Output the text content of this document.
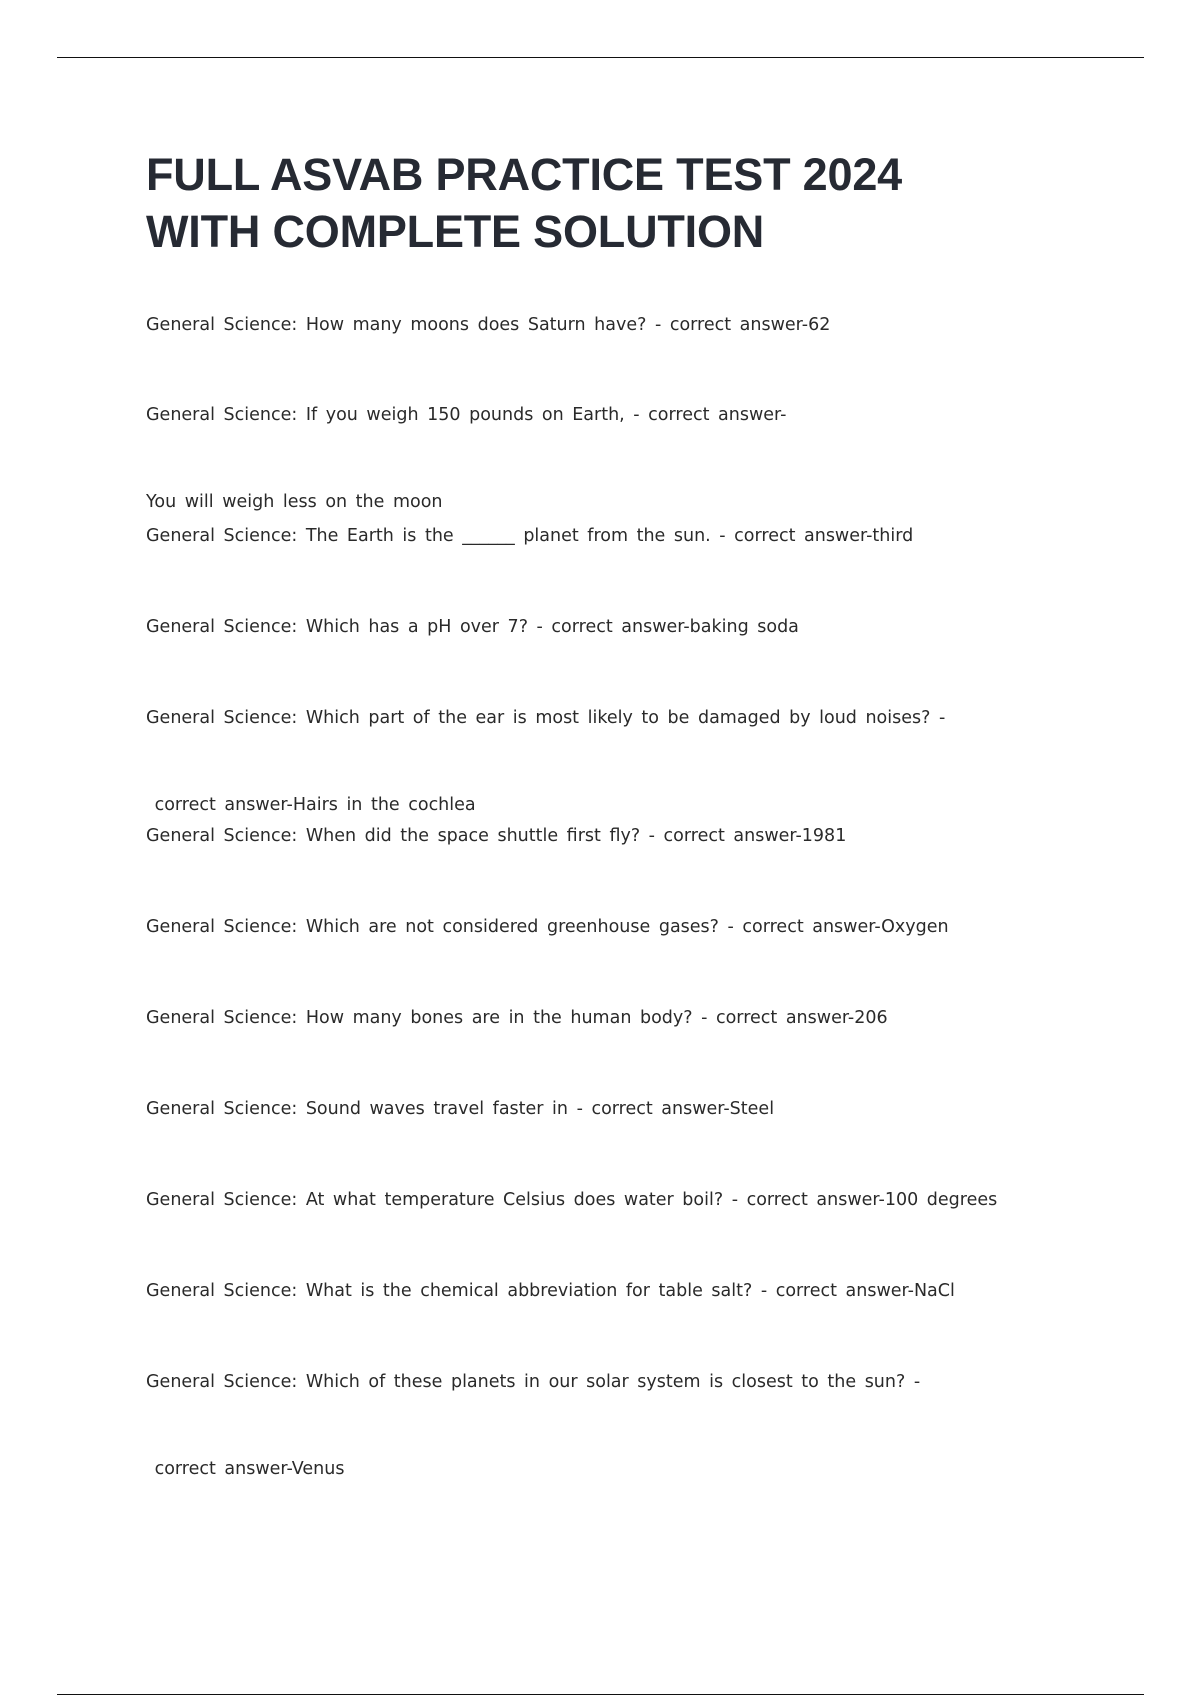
FULL ASVAB PRACTICE TEST 2024
WITH COMPLETE SOLUTION

General Science: How many moons does Saturn have? - correct answer-62

General Science: If you weigh 150 pounds on Earth, - correct answer-

You will weigh less on the moon

General Science: The Earth is the ______ planet from the sun. - correct answer-third

General Science: Which has a pH over 7? - correct answer-baking soda

General Science: Which part of the ear is most likely to be damaged by loud noises? -

correct answer-Hairs in the cochlea

General Science: When did the space shuttle first fly? - correct answer-1981

General Science: Which are not considered greenhouse gases? - correct answer-Oxygen

General Science: How many bones are in the human body? - correct answer-206

General Science: Sound waves travel faster in - correct answer-Steel

General Science: At what temperature Celsius does water boil? - correct answer-100 degrees

General Science: What is the chemical abbreviation for table salt? - correct answer-NaCl

General Science: Which of these planets in our solar system is closest to the sun? -

correct answer-Venus
